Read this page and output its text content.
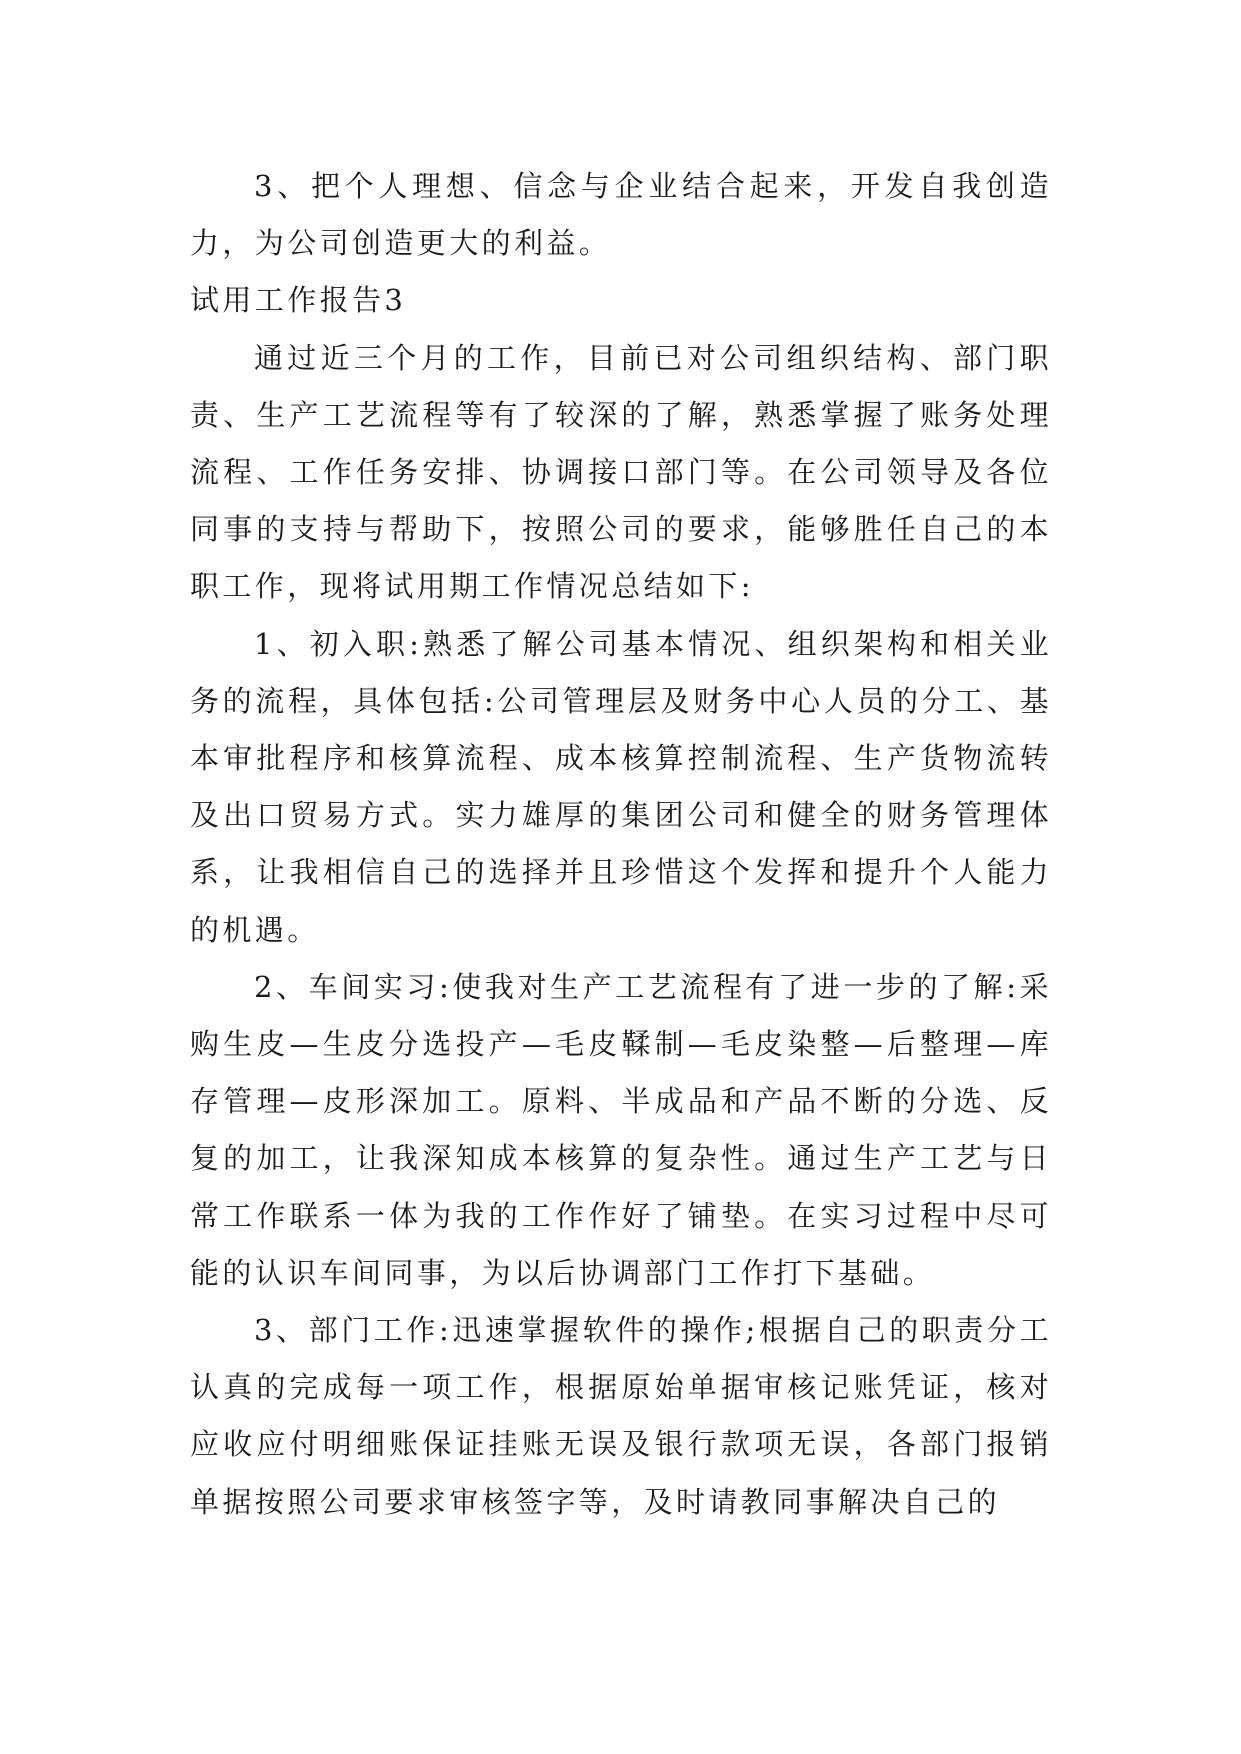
3、把个人理想、信念与企业结合起来，开发自我创造力，为公司创造更大的利益。

试用工作报告3

通过近三个月的工作，目前已对公司组织结构、部门职责、生产工艺流程等有了较深的了解，熟悉掌握了账务处理流程、工作任务安排、协调接口部门等。在公司领导及各位同事的支持与帮助下，按照公司的要求，能够胜任自己的本职工作，现将试用期工作情况总结如下:

1、初入职:熟悉了解公司基本情况、组织架构和相关业务的流程，具体包括:公司管理层及财务中心人员的分工、基本审批程序和核算流程、成本核算控制流程、生产货物流转及出口贸易方式。实力雄厚的集团公司和健全的财务管理体系，让我相信自己的选择并且珍惜这个发挥和提升个人能力的机遇。

2、车间实习:使我对生产工艺流程有了进一步的了解:采购生皮—生皮分选投产—毛皮鞣制—毛皮染整—后整理—库存管理—皮形深加工。原料、半成品和产品不断的分选、反复的加工，让我深知成本核算的复杂性。通过生产工艺与日常工作联系一体为我的工作作好了铺垫。在实习过程中尽可能的认识车间同事，为以后协调部门工作打下基础。

3、部门工作:迅速掌握软件的操作;根据自己的职责分工认真的完成每一项工作，根据原始单据审核记账凭证，核对应收应付明细账保证挂账无误及银行款项无误，各部门报销单据按照公司要求审核签字等，及时请教同事解决自己的
